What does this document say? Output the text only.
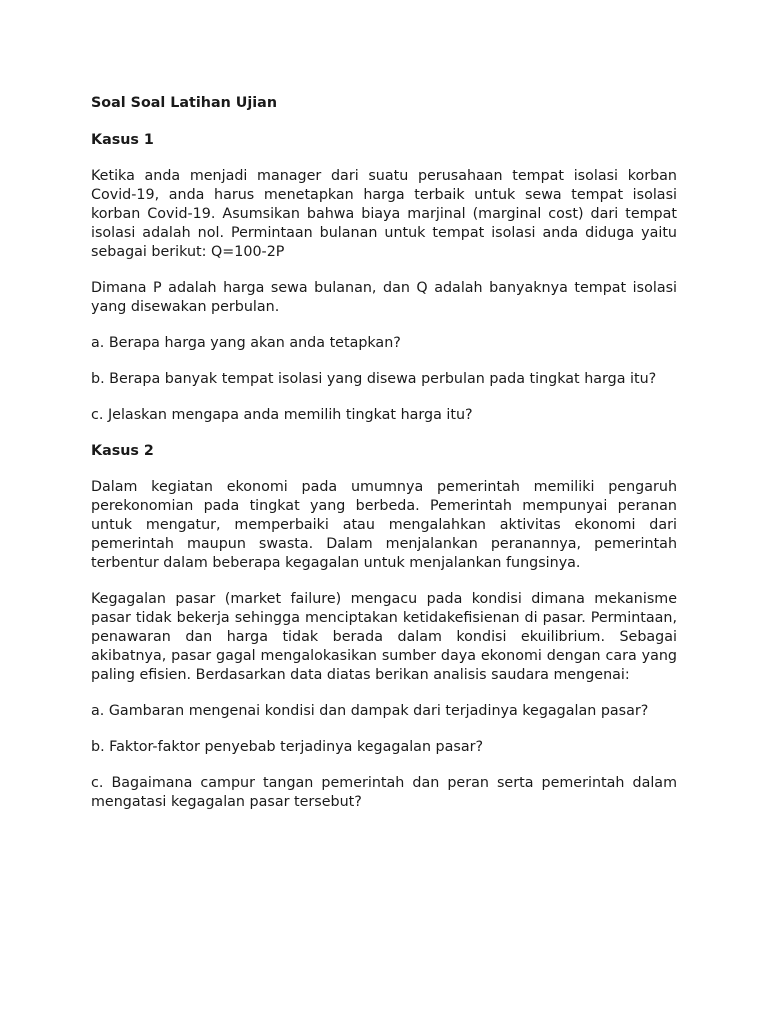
Soal Soal Latihan Ujian
Kasus 1

Ketika anda menjadi manager dari suatu perusahaan tempat isolasi korban Covid-19, anda harus menetapkan harga terbaik untuk sewa tempat isolasi korban Covid-19. Asumsikan bahwa biaya marjinal (marginal cost) dari tempat isolasi adalah nol. Permintaan bulanan untuk tempat isolasi anda diduga yaitu sebagai berikut: Q=100-2P

Dimana P adalah harga sewa bulanan, dan Q adalah banyaknya tempat isolasi yang disewakan perbulan.

a. Berapa harga yang akan anda tetapkan?

b. Berapa banyak tempat isolasi yang disewa perbulan pada tingkat harga itu?

c. Jelaskan mengapa anda memilih tingkat harga itu?

Kasus 2

Dalam kegiatan ekonomi pada umumnya pemerintah memiliki pengaruh perekonomian pada tingkat yang berbeda. Pemerintah mempunyai peranan untuk mengatur, memperbaiki atau mengalahkan aktivitas ekonomi dari pemerintah maupun swasta. Dalam menjalankan peranannya, pemerintah terbentur dalam beberapa kegagalan untuk menjalankan fungsinya.

Kegagalan pasar (market failure) mengacu pada kondisi dimana mekanisme pasar tidak bekerja sehingga menciptakan ketidakefisienan di pasar. Permintaan, penawaran dan harga tidak berada dalam kondisi ekuilibrium. Sebagai akibatnya, pasar gagal mengalokasikan sumber daya ekonomi dengan cara yang paling efisien. Berdasarkan data diatas berikan analisis saudara mengenai:

a. Gambaran mengenai kondisi dan dampak dari terjadinya kegagalan pasar?

b. Faktor-faktor penyebab terjadinya kegagalan pasar?

c. Bagaimana campur tangan pemerintah dan peran serta pemerintah dalam mengatasi kegagalan pasar tersebut?
